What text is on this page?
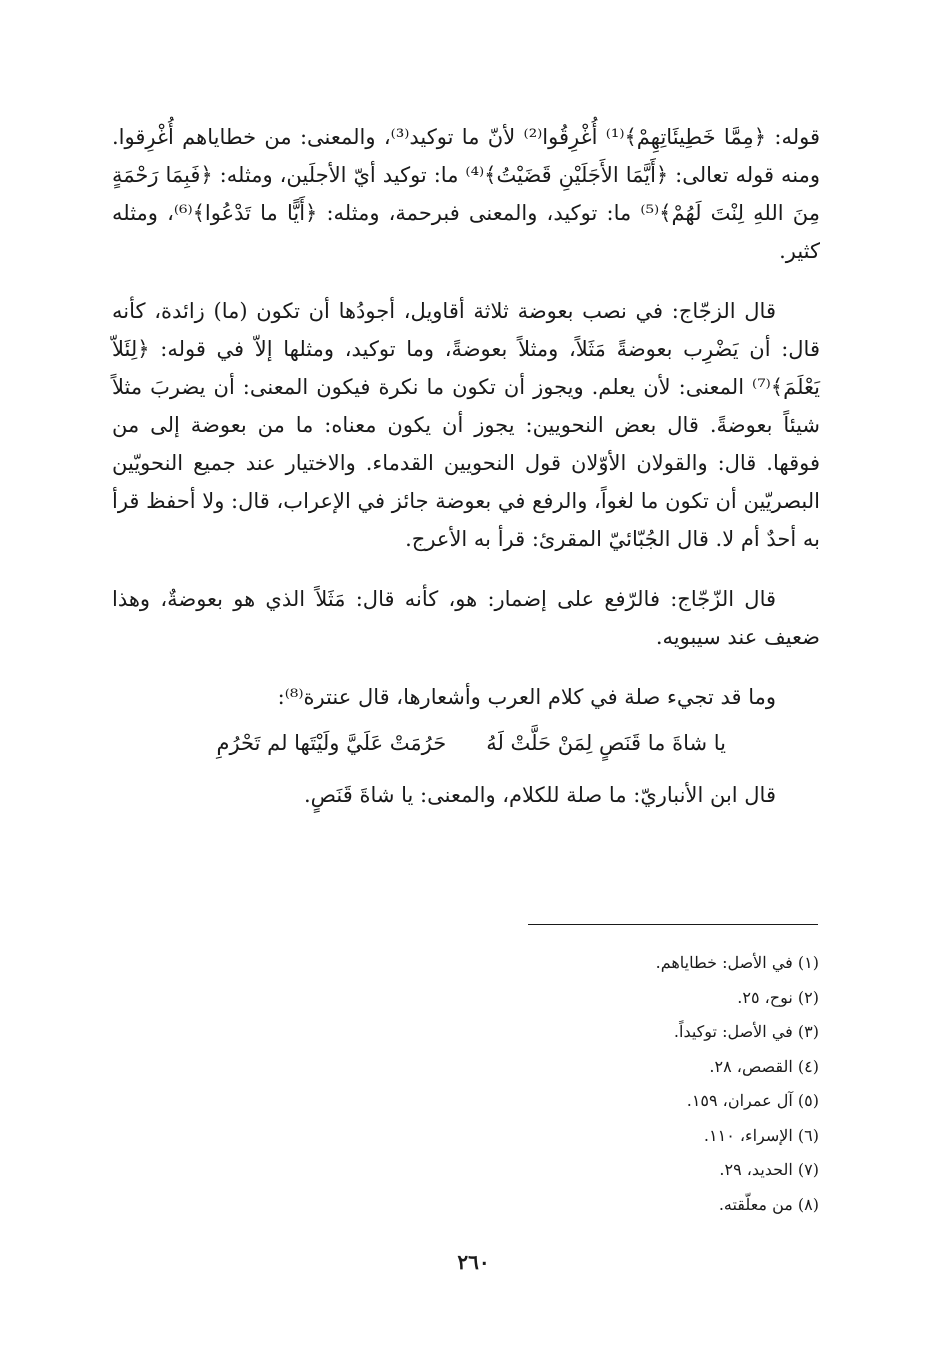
قوله: ﴿مِمَّا خَطِيئَاتِهِمْ﴾⁽¹⁾ أُغْرِقُوا⁽²⁾ لأنّ ما توكيد⁽³⁾، والمعنى: من خطاياهم أُغْرِقوا. ومنه قوله تعالى: ﴿أَيَّمَا الأَجَلَيْنِ قَضَيْتُ﴾⁽⁴⁾ ما: توكيد أيّ الأجلَين، ومثله: ﴿فَبِمَا رَحْمَةٍ مِنَ اللهِ لِنْتَ لَهُمْ﴾⁽⁵⁾ ما: توكيد، والمعنى فبرحمة، ومثله: ﴿أَيًّا ما تَدْعُوا﴾⁽⁶⁾، ومثله كثير.

قال الزجّاج: في نصب بعوضة ثلاثة أقاويل، أجودُها أن تكون (ما) زائدة، كأنه قال: أن يَضْرِب بعوضةً مَثَلاً، ومثلاً بعوضةً، وما توكيد، ومثلها إلاّ في قوله: ﴿لِئَلاّ يَعْلَمَ﴾⁽⁷⁾ المعنى: لأن يعلم. ويجوز أن تكون ما نكرة فيكون المعنى: أن يضربَ مثلاً شيئاً بعوضةً. قال بعض النحويين: يجوز أن يكون معناه: ما من بعوضة إلى من فوقها. قال: والقولان الأوّلان قول النحويين القدماء. والاختيار عند جميع النحويّين البصريّين أن تكون ما لغواً، والرفع في بعوضة جائز في الإعراب، قال: ولا أحفظ قرأ به أحدٌ أم لا. قال الجُبّائيّ المقرئ: قرأ به الأعرج.

قال الزّجّاج: فالرّفع على إضمار: هو، كأنه قال: مَثَلاً الذي هو بعوضةٌ، وهذا ضعيف عند سيبويه.

وما قد تجيء صلة في كلام العرب وأشعارها، قال عنترة⁽⁸⁾:

يا شاةَ ما قَنَصٍ لِمَنْ حَلَّتْ لَهُ
حَرُمَتْ عَلَيَّ ولَيْتَها لم تَحْرُمِ

قال ابن الأنباريّ: ما صلة للكلام، والمعنى: يا شاةَ قَنَصٍ.

(١) في الأصل: خطاياهم.
(٢) نوح، ٢٥.
(٣) في الأصل: توكيداً.
(٤) القصص، ٢٨.
(٥) آل عمران، ١٥٩.
(٦) الإسراء، ١١٠.
(٧) الحديد، ٢٩.
(٨) من معلّقته.
٢٦٠
